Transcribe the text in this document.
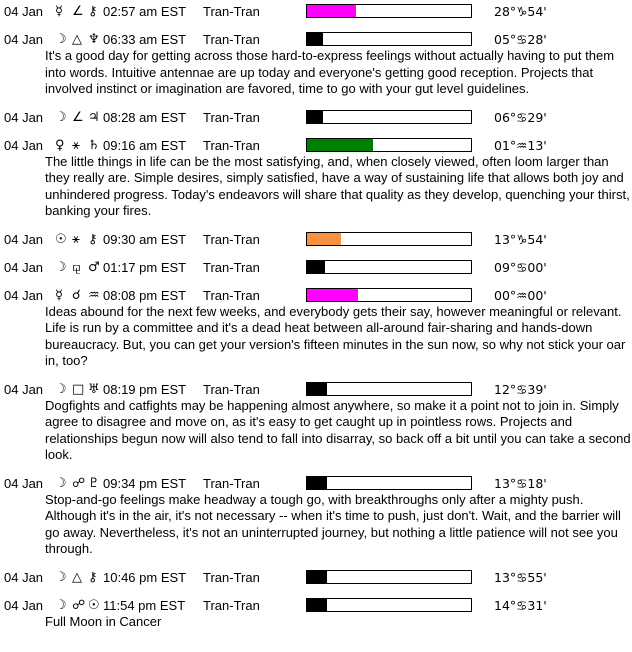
04 Jan ☿ ∠ ⚷ 02:57 am EST Tran-Tran	28°♑54'
04 Jan ☽ △ ♆ 06:33 am EST Tran-Tran	05°♋28'
It's a good day for getting across those hard-to-express feelings without actually having to put them into words. Intuitive antennae are up today and everyone's getting good reception. Projects that involved instinct or imagination are favored, time to go with your gut level guidelines.
04 Jan ☽ ∠ ♃ 08:28 am EST Tran-Tran	06°♋29'
04 Jan ♀ ⚹ ♄ 09:16 am EST Tran-Tran	01°♒13'
The little things in life can be the most satisfying, and, when closely viewed, often loom larger than they really are. Simple desires, simply satisfied, have a way of sustaining life that allows both joy and unhindered progress. Today's endeavors will share that quality as they develop, quenching your thirst, banking your fires.
04 Jan ☉ ⚹ ⚷ 09:30 am EST Tran-Tran	13°♑54'
04 Jan ☽ ⚼ ♂ 01:17 pm EST Tran-Tran	09°♋00'
04 Jan ☿ ☌ ♒ 08:08 pm EST Tran-Tran	00°♒00'
Ideas abound for the next few weeks, and everybody gets their say, however meaningful or relevant. Life is run by a committee and it's a dead heat between all-around fair-sharing and hands-down bureaucracy. But, you can get your version's fifteen minutes in the sun now, so why not stick your oar in, too?
04 Jan ☽ □ ♅ 08:19 pm EST Tran-Tran	12°♋39'
Dogfights and catfights may be happening almost anywhere, so make it a point not to join in. Simply agree to disagree and move on, as it's easy to get caught up in pointless rows. Projects and relationships begun now will also tend to fall into disarray, so back off a bit until you can take a second look.
04 Jan ☽ ☍ ♇ 09:34 pm EST Tran-Tran	13°♋18'
Stop-and-go feelings make headway a tough go, with breakthroughs only after a mighty push. Although it's in the air, it's not necessary -- when it's time to push, just don't. Wait, and the barrier will go away. Nevertheless, it's not an uninterrupted journey, but nothing a little patience will not see you through.
04 Jan ☽ △ ⚷ 10:46 pm EST Tran-Tran	13°♋55'
04 Jan ☽ ☍ ☉ 11:54 pm EST Tran-Tran	14°♋31'
Full Moon in Cancer
